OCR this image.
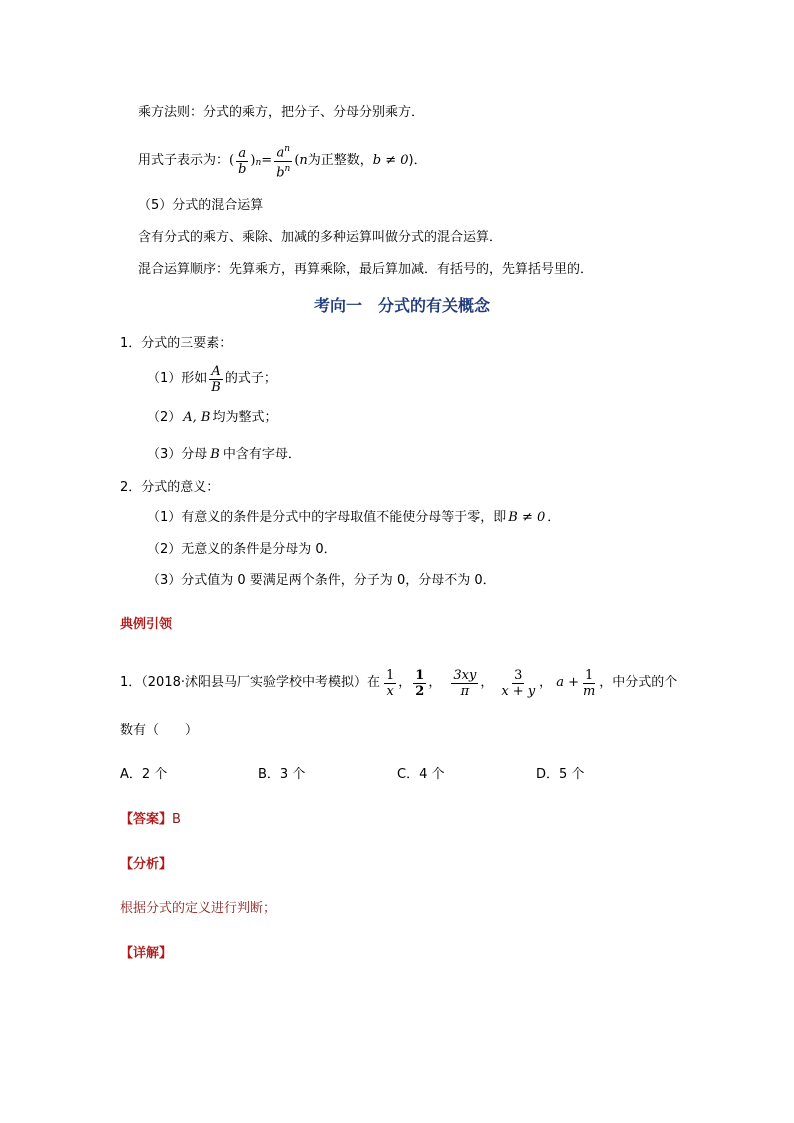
乘方法则：分式的乘方，把分子、分母分别乘方．
用式子表示为： ( $\frac{a}{b}$ ) $n = \frac{a^n}{b^n}$ ( n 为正整数， b ≠ 0 )．
（5）分式的混合运算
含有分式的乘方、乘除、加减的多种运算叫做分式的混合运算．
混合运算顺序：先算乘方，再算乘除，最后算加减．有括号的，先算括号里的．
考向一　分式的有关概念
1．分式的三要素：
（1）形如 $\frac{A}{B}$ 的式子；
（2） A, B 均为整式；
（3）分母 B 中含有字母．
2．分式的意义：
（1）有意义的条件是分式中的字母取值不能使分母等于零，即 B ≠ 0 ．
（2）无意义的条件是分母为 0．
（3）分式值为 0 要满足两个条件，分子为 0，分母不为 0．
典例引领
1．（2018·沭阳县马厂实验学校中考模拟）在 $\frac{1}{x}$ ， $\frac{1}{2}$ ， $\frac{3xy}{\pi}$ ， $\frac{3}{x + y}$ ， $a + \frac{1}{m}$ ，中分式的个
数有（　　）
A．2 个	B．3 个	C．4 个	D．5 个
【答案】B
【分析】
根据分式的定义进行判断；
【详解】
